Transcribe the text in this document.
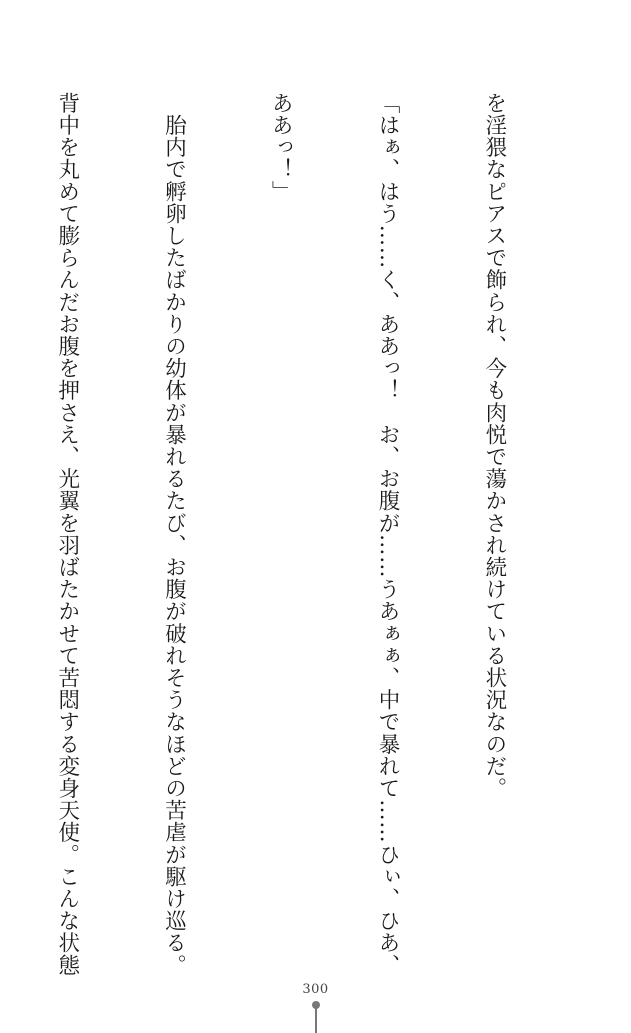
を淫猥なピアスで飾られ、今も肉悦で蕩かされ続けている状況なのだ。

「はぁ、はう……く、ああっ！　お、お腹が……うあぁぁ、中で暴れて……ひぃ、ひあ、

ああっ！」

　胎内で孵卵したばかりの幼体が暴れるたび、お腹が破れそうなほどの苦虐が駆け巡る。

背中を丸めて膨らんだお腹を押さえ、光翼を羽ばたかせて苦悶する変身天使。こんな状態

300
